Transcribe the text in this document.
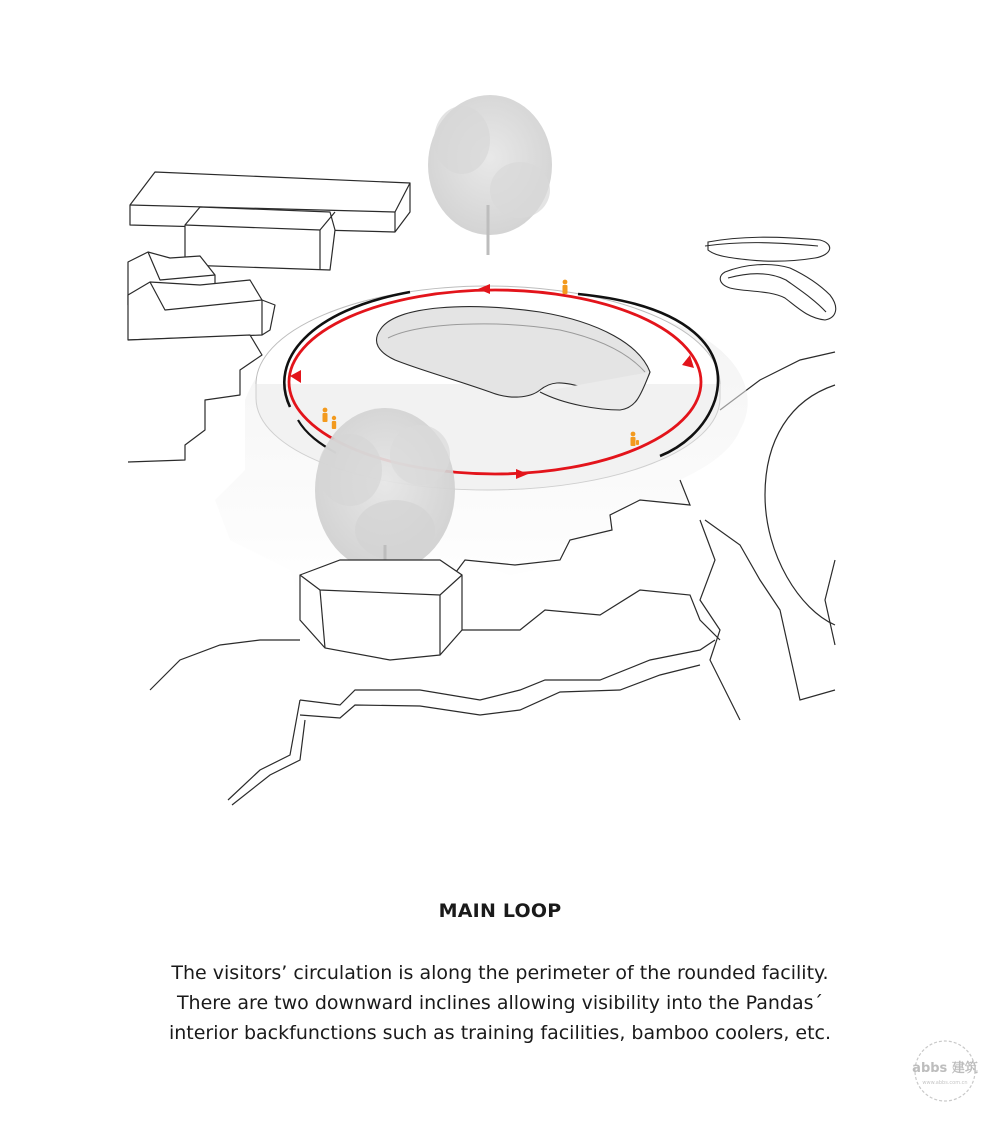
MAIN LOOP
The visitors’ circulation is along the perimeter of the rounded facility.
There are two downward inclines allowing visibility into the Pandas´
interior backfunctions such as training facilities, bamboo coolers, etc.
abbs 建筑
www.abbs.com.cn
